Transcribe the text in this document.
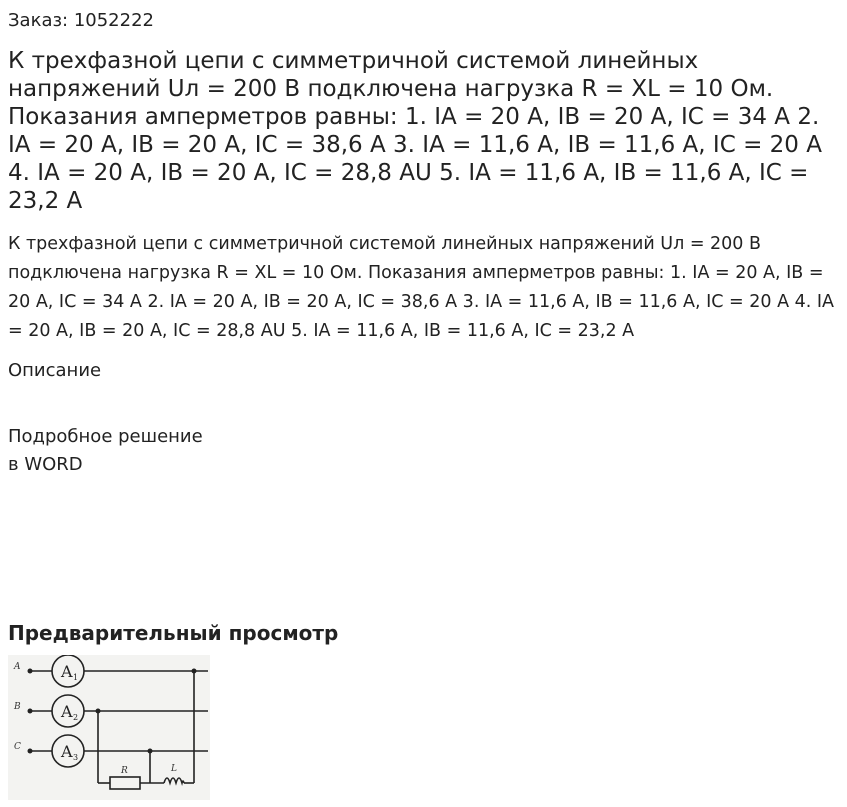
Заказ: 1052222
К трехфазной цепи с симметричной системой линейных напряжений Uл = 200 В подключена нагрузка R = XL = 10 Ом. Показания амперметров равны: 1. IA = 20 A, IB = 20 A, IC = 34 A 2. IA = 20 A, IB = 20 A, IC = 38,6 A 3. IA = 11,6 A, IB = 11,6 A, IC = 20 A 4. IA = 20 A, IB = 20 A, IC = 28,8 AU 5. IA = 11,6 A, IB = 11,6 A, IC = 23,2 A
К трехфазной цепи с симметричной системой линейных напряжений Uл = 200 В подключена нагрузка R = XL = 10 Ом. Показания амперметров равны: 1. IA = 20 A, IB = 20 A, IC = 34 A 2. IA = 20 A, IB = 20 A, IC = 38,6 A 3. IA = 11,6 A, IB = 11,6 A, IC = 20 A 4. IA = 20 A, IB = 20 A, IC = 28,8 AU 5. IA = 11,6 A, IB = 11,6 A, IC = 23,2 A
Описание
Подробное решение
в WORD
Предварительный просмотр
A
B
C
A
A
A
1
2
3
R	L
